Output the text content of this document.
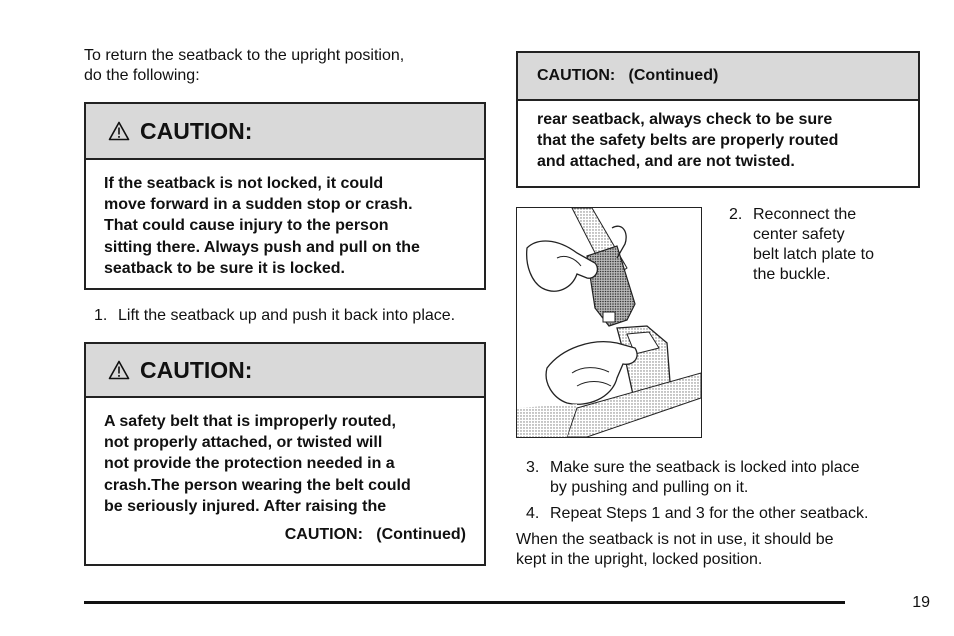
To return the seatback to the upright position,
do the following:
CAUTION:
If the seatback is not locked, it could
move forward in a sudden stop or crash.
That could cause injury to the person
sitting there. Always push and pull on the
seatback to be sure it is locked.
1. Lift the seatback up and push it back into place.
CAUTION:
A safety belt that is improperly routed,
not properly attached, or twisted will
not provide the protection needed in a
crash.The person wearing the belt could
be seriously injured. After raising the
CAUTION:   (Continued)
CAUTION:   (Continued)
rear seatback, always check to be sure
that the safety belts are properly routed
and attached, and are not twisted.
2. Reconnect the
center safety
belt latch plate to
the buckle.
3. Make sure the seatback is locked into place
by pushing and pulling on it.
4. Repeat Steps 1 and 3 for the other seatback.
When the seatback is not in use, it should be
kept in the upright, locked position.
19
